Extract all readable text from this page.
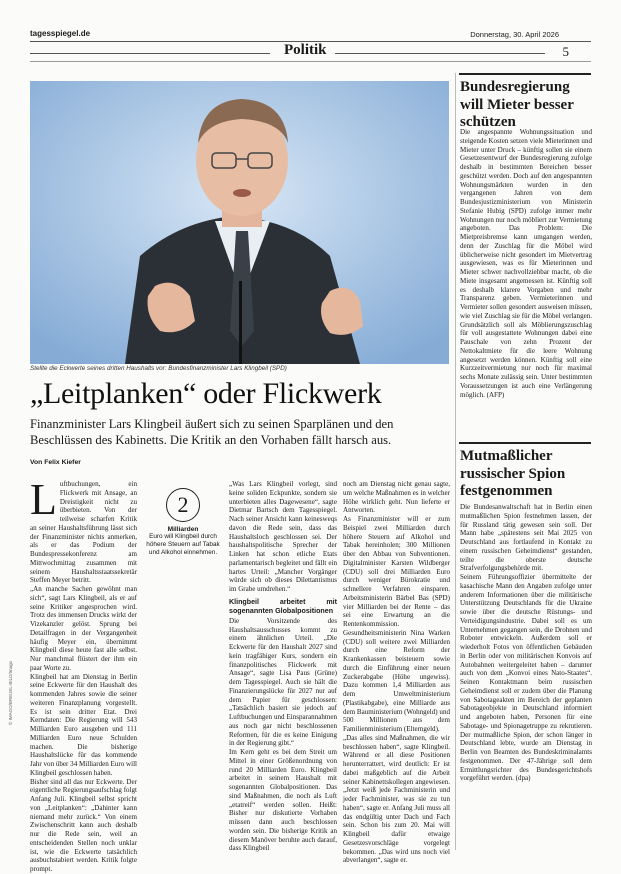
tagesspiegel.de	Donnerstag, 30. April 2026
5
Politik
Stellte die Eckwerte seines dritten Haushalts vor: Bundesfinanzminister Lars Klingbeil (SPD)
© IMAGO/BREUEL-BILD/Imago
„Leitplanken“ oder Flickwerk
Finanzminister Lars Klingbeil äußert sich zu seinen Sparplänen und den Beschlüssen des Kabinetts. Die Kritik an den Vorhaben fällt harsch aus.
Von Felix Kiefer
L uftbuchungen, ein Flickwerk mit Ansage, an Dreistigkeit nicht zu überbieten. Von der teilweise scharfen Kritik an seiner Haushaltsführung lässt sich der Finanzminister nichts anmerken, als er das Podium der Bundespressekonferenz am Mittwochmittag zusammen mit seinem Haushaltsstaatssekretär Steffen Meyer betritt.

„An manche Sachen gewöhnt man sich“, sagt Lars Klingbeil, als er auf seine Kritiker angesprochen wird. Trotz des immensen Drucks wirkt der Vizekanzler gelöst. Sprung bei Detailfragen in der Vergangenheit häufig Meyer ein, übernimmt Klingbeil diese heute fast alle selbst. Nur manchmal flüstert der ihm ein paar Worte zu.

Klingbeil hat am Dienstag in Berlin seine Eckwerte für den Haushalt des kommenden Jahres sowie die seiner weiteren Finanzplanung vorgestellt. Es ist sein dritter Etat. Drei Kerndaten: Die Regierung will 543 Milliarden Euro ausgeben und 111 Milliarden Euro neue Schulden machen. Die bisherige Haushaltslücke für das kommende Jahr von über 34 Milliarden Euro will Klingbeil geschlossen haben.

Bisher sind all das nur Eckwerte. Der eigentliche Regierungsaufschlag folgt Anfang Juli. Klingbeil selbst spricht von „Leitplanken“: „Dahinter kann niemand mehr zurück.“ Von einem Zwischenschritt kann auch deshalb nur die Rede sein, weil an entscheidenden Stellen noch unklar ist, wie die Eckwerte tatsächlich ausbuchstabiert werden. Kritik folgte prompt.

2
Milliarden
Euro will Klingbeil durch höhere Steuern auf Tabak und Alkohol einnehmen.

„Was Lars Klingbeil vorlegt, sind keine soliden Eckpunkte, sondern sie unterbieten alles Dagewesene“, sagte Dietmar Bartsch dem Tagesspiegel. Nach seiner Ansicht kann keinesweqs davon die Rede sein, dass das Haushaltsloch geschlossen sei. Der haushaltspolitische Sprecher der Linken hat schon etliche Etats parlamentarisch begleitet und fällt ein hartes Urteil: „Mancher Vorgänger würde sich ob dieses Dilettantismus im Grabe umdrehen.“

Klingbeil arbeitet mit sogenannten Globalpositionen

Die Vorsitzende des Haushaltsausschusses kommt zu einem ähnlichen Urteil. „Die Eckwerte für den Haushalt 2027 sind kein tragfähiger Kurs, sondern ein finanzpolitisches Flickwerk mit Ansage“, sagte Lisa Paus (Grüne) dem Tagesspiegel. Auch sie hält die Finanzierungslücke für 2027 nur auf dem Papier für geschlossen: „Tatsächlich basiert sie jedoch auf Luftbuchungen und Einsparannahmen aus noch gar nicht beschlossenen Reformen, für die es keine Einigung in der Regierung gibt.“

Im Kern geht es bei dem Streit um Mittel in einer Größenordnung von rund 20 Milliarden Euro. Klingbeil arbeitet in seinem Haushalt mit sogenannten Globalpositionen. Das sind Maßnahmen, die noch als Luft „etatreif“ werden sollen. Heißt: Bisher nur diskutierte Vorhaben müssen dann auch beschlossen worden sein. Die bisherige Kritik an diesem Manöver beruhte auch darauf, dass Klingbeil

noch am Dienstag nicht genau sagte, um welche Maßnahmen es in welcher Höhe wirklich geht. Nun lieferte er Antworten.

As Finanzminister will er zum Beispiel zwei Milliarden durch höhere Steuern auf Alkohol und Tabak hereinholen; 300 Millionen über den Abbau von Subventionen. Digitalminister Karsten Wildberger (CDU) soll drei Milliarden Euro durch weniger Bürokratie und schnellere Verfahren einsparen. Arbeitsministerin Bärbel Bas (SPD) vier Milliarden bei der Rente – das sei eine Erwartung an die Rentenkommission. Gesundheitsministerin Nina Warken (CDU) soll weitere zwei Milliarden durch eine Reform der Krankenkassen beisteuern sowie durch die Einführung einer neuen Zuckerabgabe (Höhe ungewiss). Dazu kommen 1,4 Milliarden aus dem Umweltministerium (Plastikabgabe), eine Milliarde aus dem Bauministerium (Wohngeld) und 500 Millionen aus dem Familienministerium (Elterngeld).

„Das alles sind Maßnahmen, die wir beschlossen haben“, sagte Klingbeil. Während er all diese Positionen herunterrattert, wird deutlich: Er ist dabei maßgeblich auf die Arbeit seiner Kabinettskollegen angewiesen. „Jetzt weiß jede Fachministerin und jeder Fachminister, was sie zu tun haben“, sagte er. Anfang Juli muss all das endgültig unter Dach und Fach sein. Schon bis zum 20. Mai will Klingbeil dafür etwaige Gesetzesvorschläge vorgelegt bekommen. „Das wird uns noch viel abverlangen“, sagte er.

Bundesregierung will Mieter besser schützen

Die angespannte Wohnungssituation und steigende Kosten setzen viele Mieterinnen und Mieter unter Druck – künftig sollen sie einem Gesetzesentwurf der Bundesregierung zufolge deshalb in bestimmten Bereichen besser geschützt werden. Doch auf den angespannten Wohnungsmärkten wurden in den vergangenen Jahren von dem Bundesjustizministerium von Ministerin Stefanie Hubig (SPD) zufolge immer mehr Wohnungen nur noch möbliert zur Vermietung angeboten. Das Problem: Die Mietpreisbremse kann umgangen werden, denn der Zuschlag für die Möbel wird üblicherweise nicht gesondert im Mietvertrag ausgewiesen, was es für Mieterinnen und Mieter schwer nachvollziehbar macht, ob die Miete insgesamt angemessen ist. Künftig soll es deshalb klarere Vorgaben und mehr Transparenz geben. Vermieterinnen und Vermieter sollen gesondert ausweisen müssen, wie viel Zuschlag sie für die Möbel verlangen. Grundsätzlich soll als Möblierungszuschlag für voll ausgestattete Wohnungen dabei eine Pauschale von zehn Prozent der Nettokaltmiete für die leere Wohnung angesetzt werden können. Künftig soll eine Kurzzeitvermietung nur noch für maximal sechs Monate zulässig sein. Unter bestimmten Voraussetzungen ist auch eine Verlängerung möglich. (AFP)

Mutmaßlicher russischer Spion festgenommen

Die Bundesanwaltschaft hat in Berlin einen mutmaßlichen Spion festnehmen lassen, der für Russland tätig gewesen sein soll. Der Mann habe „spätestens seit Mai 2025 von Deutschland aus fortlaufend in Kontakt zu einem russischen Geheimdienst“ gestanden, teilte die oberste deutsche Strafverfolgungsbehörde mit.

Seinem Führungsoffizier übermittelte der kasachische Mann den Angaben zufolge unter anderem Informationen über die militärische Unterstützung Deutschlands für die Ukraine sowie über die deutsche Rüstungs- und Verteidigungsindustrie. Dabei soll es um Unternehmen gegangen sein, die Drohnen und Roboter entwickeln. Außerdem soll er wiederholt Fotos von öffentlichen Gebäuden in Berlin oder von militärischen Konvois auf Autobahnen weitergeleitet haben – darunter auch von dem „Konvoi eines Nato-Staates“. Seinen Kontaktmann beim russischen Geheimdienst soll er zudem über die Planung von Sabotageakten im Bereich der geplanten Sabotageobjekte in Deutschland informiert und angeboten haben, Personen für eine Sabotage- und Spionagetruppe zu rekrutieren. Der mutmaßliche Spion, der schon länger in Deutschland lebte, wurde am Dienstag in Berlin von Beamten des Bundeskriminalamts festgenommen. Der 47-Jährige soll dem Ermittlungsrichter des Bundesgerichtshofs vorgeführt werden. (dpa)
